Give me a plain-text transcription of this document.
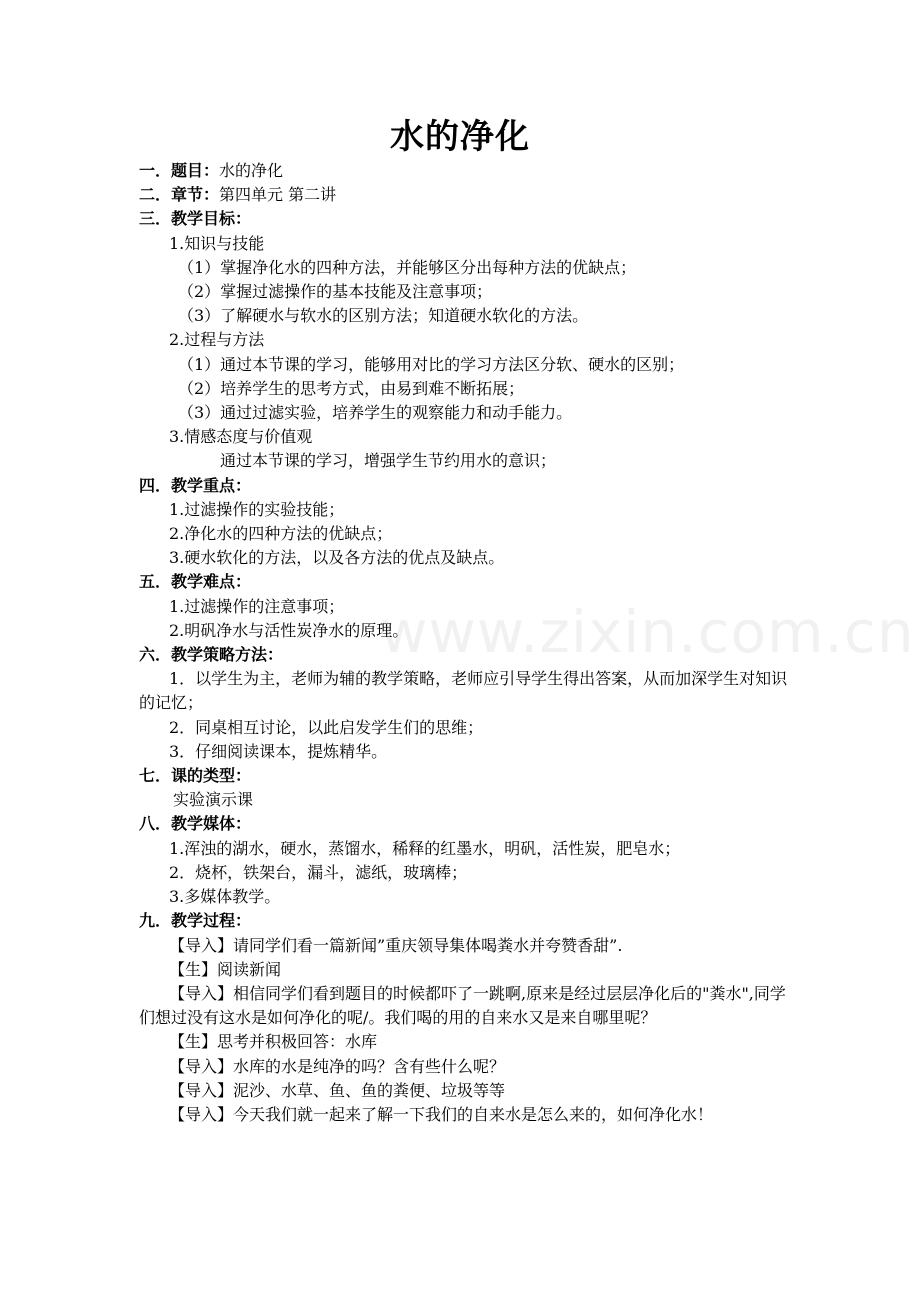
水的净化
www.zixin.com.cn
一．题目：水的净化
二．章节：第四单元 第二讲
三．教学目标：
1.知识与技能
（1）掌握净化水的四种方法，并能够区分出每种方法的优缺点；
（2）掌握过滤操作的基本技能及注意事项；
（3）了解硬水与软水的区别方法；知道硬水软化的方法。
2.过程与方法
（1）通过本节课的学习，能够用对比的学习方法区分软、硬水的区别；
（2）培养学生的思考方式，由易到难不断拓展；
（3）通过过滤实验，培养学生的观察能力和动手能力。
3.情感态度与价值观
通过本节课的学习，增强学生节约用水的意识；
四．教学重点：
1.过滤操作的实验技能；
2.净化水的四种方法的优缺点；
3.硬水软化的方法，以及各方法的优点及缺点。
五．教学难点：
1.过滤操作的注意事项；
2.明矾净水与活性炭净水的原理。
六．教学策略方法：
1．以学生为主，老师为辅的教学策略，老师应引导学生得出答案，从而加深学生对知识的记忆；
2．同桌相互讨论，以此启发学生们的思维；
3．仔细阅读课本，提炼精华。
七．课的类型：
实验演示课
八．教学媒体：
1.浑浊的湖水，硬水，蒸馏水，稀释的红墨水，明矾，活性炭，肥皂水；
2．烧杯，铁架台，漏斗，滤纸，玻璃棒；
3.多媒体教学。
九．教学过程：
【导入】请同学们看一篇新闻”重庆领导集体喝粪水并夸赞香甜”.
【生】阅读新闻
【导入】相信同学们看到题目的时候都吓了一跳啊,原来是经过层层净化后的"粪水",同学们想过没有这水是如何净化的呢/。我们喝的用的自来水又是来自哪里呢？
【生】思考并积极回答：水库
【导入】水库的水是纯净的吗？含有些什么呢？
【导入】泥沙、水草、鱼、鱼的粪便、垃圾等等
【导入】今天我们就一起来了解一下我们的自来水是怎么来的，如何净化水！
